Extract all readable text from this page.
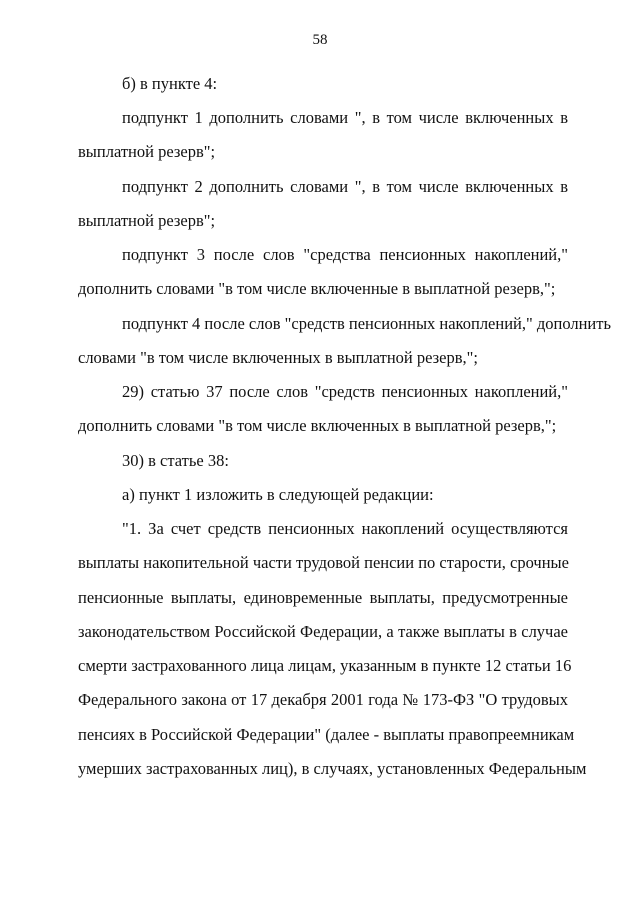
58
б) в пункте 4:
подпункт 1 дополнить словами ", в том числе включенных в
выплатной резерв";
подпункт 2 дополнить словами ", в том числе включенных в
выплатной резерв";
подпункт 3 после слов "средства пенсионных накоплений,"
дополнить словами "в том числе включенные в выплатной резерв,";
подпункт 4 после слов "средств пенсионных накоплений," дополнить
словами "в том числе включенных в выплатной резерв,";
29) статью 37 после слов "средств пенсионных накоплений,"
дополнить словами "в том числе включенных в выплатной резерв,";
30) в статье 38:
а) пункт 1 изложить в следующей редакции:
"1. За счет средств пенсионных накоплений осуществляются
выплаты накопительной части трудовой пенсии по старости, срочные
пенсионные выплаты, единовременные выплаты, предусмотренные
законодательством Российской Федерации, а также выплаты в случае
смерти застрахованного лица лицам, указанным в пункте 12 статьи 16
Федерального закона от 17 декабря 2001 года № 173-ФЗ "О трудовых
пенсиях в Российской Федерации" (далее - выплаты правопреемникам
умерших застрахованных лиц), в случаях, установленных Федеральным
